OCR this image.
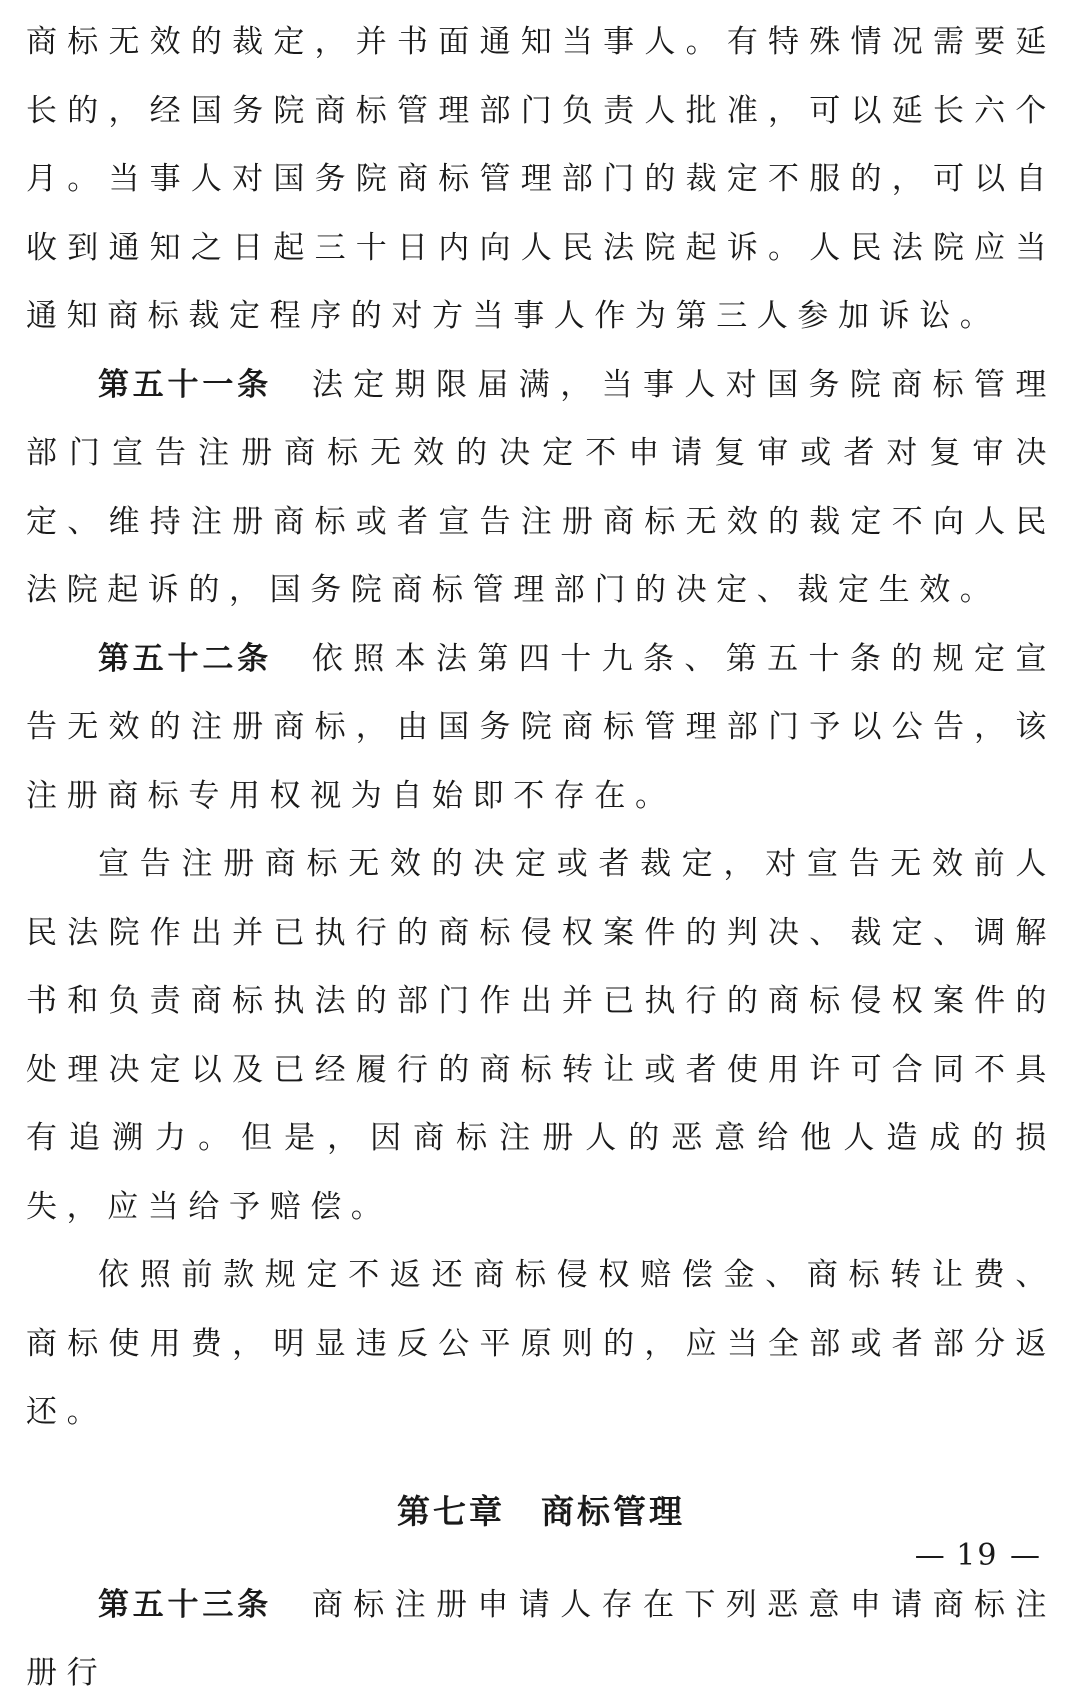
商标无效的裁定，并书面通知当事人。有特殊情况需要延长的，经国务院商标管理部门负责人批准，可以延长六个月。当事人对国务院商标管理部门的裁定不服的，可以自收到通知之日起三十日内向人民法院起诉。人民法院应当通知商标裁定程序的对方当事人作为第三人参加诉讼。

第五十一条 法定期限届满，当事人对国务院商标管理部门宣告注册商标无效的决定不申请复审或者对复审决定、维持注册商标或者宣告注册商标无效的裁定不向人民法院起诉的，国务院商标管理部门的决定、裁定生效。

第五十二条 依照本法第四十九条、第五十条的规定宣告无效的注册商标，由国务院商标管理部门予以公告，该注册商标专用权视为自始即不存在。

宣告注册商标无效的决定或者裁定，对宣告无效前人民法院作出并已执行的商标侵权案件的判决、裁定、调解书和负责商标执法的部门作出并已执行的商标侵权案件的处理决定以及已经履行的商标转让或者使用许可合同不具有追溯力。但是，因商标注册人的恶意给他人造成的损失，应当给予赔偿。

依照前款规定不返还商标侵权赔偿金、商标转让费、商标使用费，明显违反公平原则的，应当全部或者部分返还。

第七章 商标管理

第五十三条 商标注册申请人存在下列恶意申请商标注册行

— 19 —
